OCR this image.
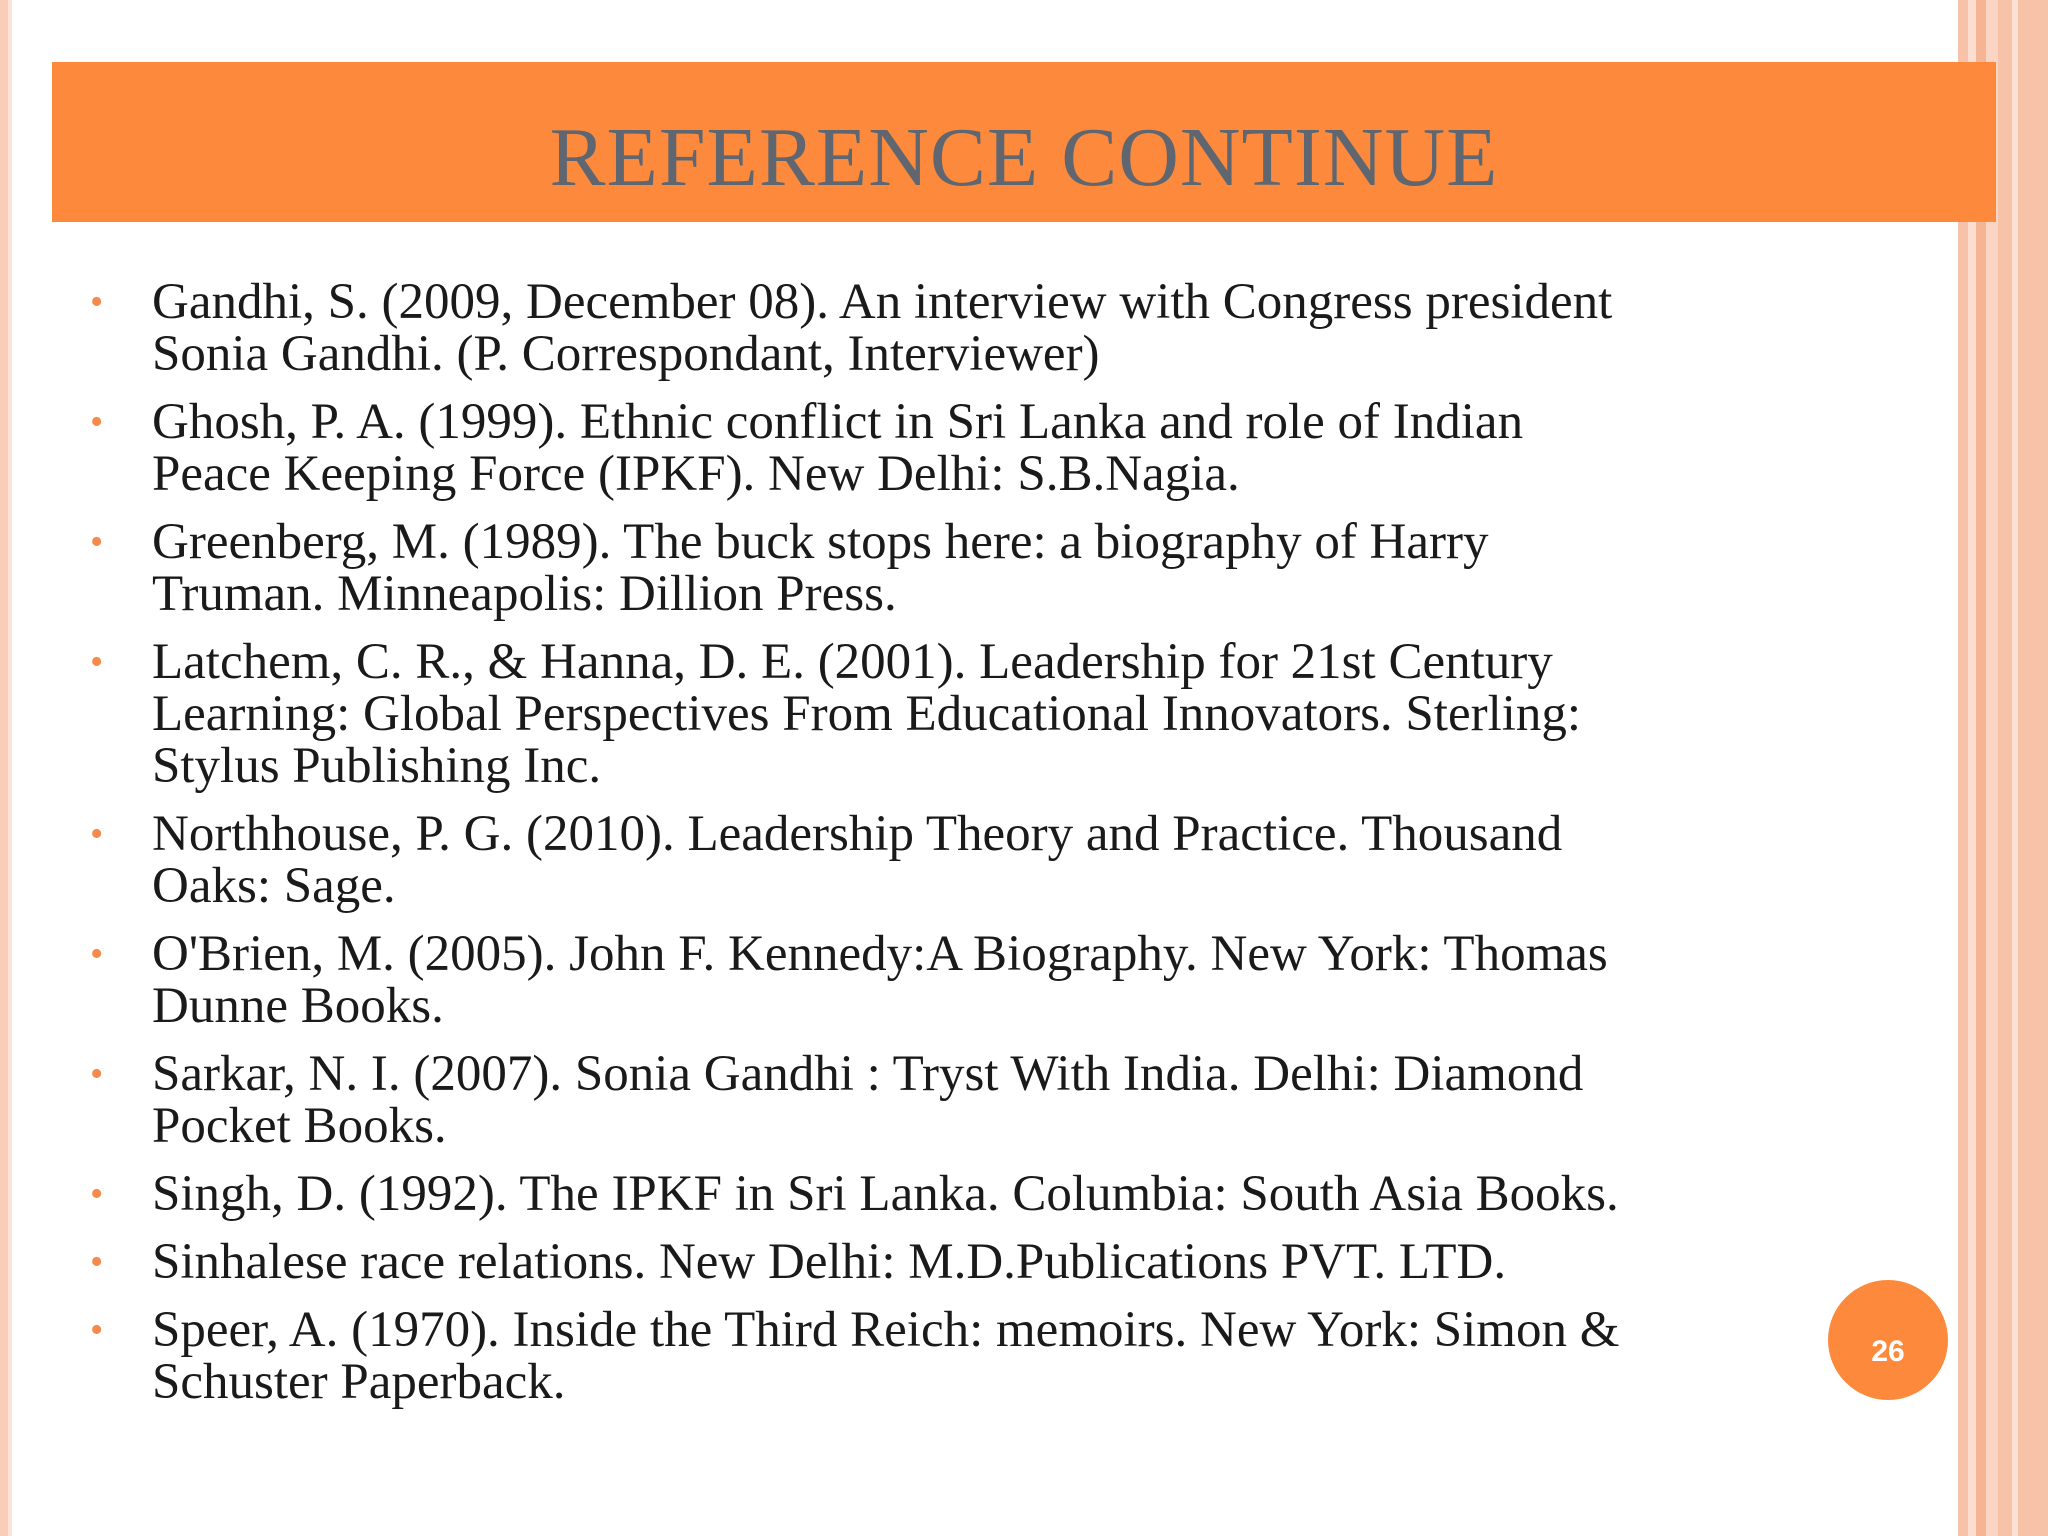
REFERENCE CONTINUE
• Gandhi, S. (2009, December 08). An interview with Congress president
Sonia Gandhi. (P. Correspondant, Interviewer)
• Ghosh, P. A. (1999). Ethnic conflict in Sri Lanka and role of Indian
Peace Keeping Force (IPKF). New Delhi: S.B.Nagia.
• Greenberg, M. (1989). The buck stops here: a biography of Harry
Truman. Minneapolis: Dillion Press.
• Latchem, C. R., & Hanna, D. E. (2001). Leadership for 21st Century
Learning: Global Perspectives From Educational Innovators. Sterling:
Stylus Publishing Inc.
• Northhouse, P. G. (2010). Leadership Theory and Practice. Thousand
Oaks: Sage.
• O'Brien, M. (2005). John F. Kennedy:A Biography. New York: Thomas
Dunne Books.
• Sarkar, N. I. (2007). Sonia Gandhi : Tryst With India. Delhi: Diamond
Pocket Books.
• Singh, D. (1992). The IPKF in Sri Lanka. Columbia: South Asia Books.
• Sinhalese race relations. New Delhi: M.D.Publications PVT. LTD.
• Speer, A. (1970). Inside the Third Reich: memoirs. New York: Simon &
Schuster Paperback.
26
